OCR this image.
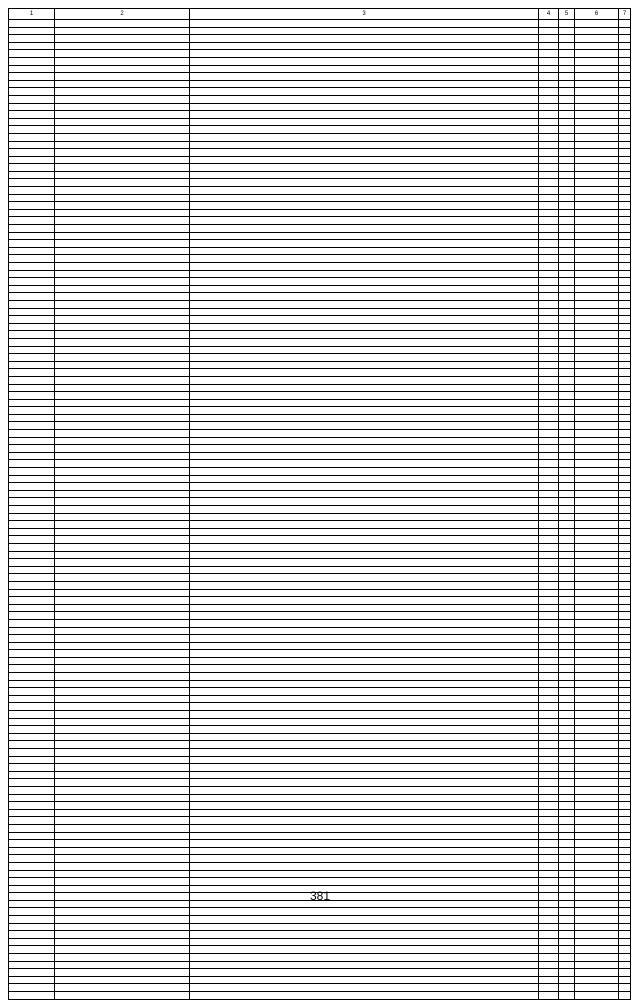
1	2	3	4	5	6	7

381
